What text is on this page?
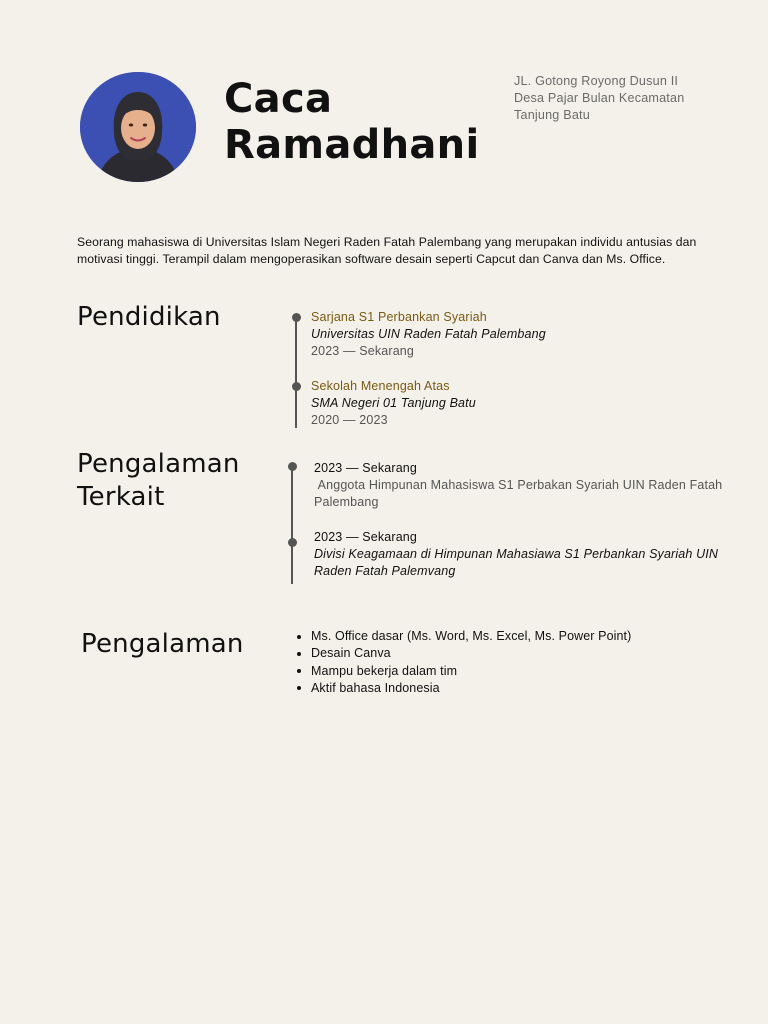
Caca
Ramadhani
JL. Gotong Royong Dusun II
Desa Pajar Bulan Kecamatan
Tanjung Batu

Seorang mahasiswa di Universitas Islam Negeri Raden Fatah Palembang yang merupakan individu antusias dan motivasi tinggi. Terampil dalam mengoperasikan software desain seperti Capcut dan Canva dan Ms. Office.

Pendidikan	Sarjana S1 Perbankan Syariah
Universitas UIN Raden Fatah Palembang
2023 — Sekarang
Sekolah Menengah Atas
SMA Negeri 01 Tanjung Batu
2020 — 2023
Pengalaman
Terkait
2023 — Sekarang
Anggota Himpunan Mahasiswa S1 Perbakan Syariah UIN Raden Fatah Palembang
2023 — Sekarang
Divisi Keagamaan di Himpunan Mahasiawa S1 Perbankan Syariah UIN Raden Fatah Palemvang
Pengalaman	Ms. Office dasar (Ms. Word, Ms. Excel, Ms. Power Point)
Desain Canva
Mampu bekerja dalam tim
Aktif bahasa Indonesia
